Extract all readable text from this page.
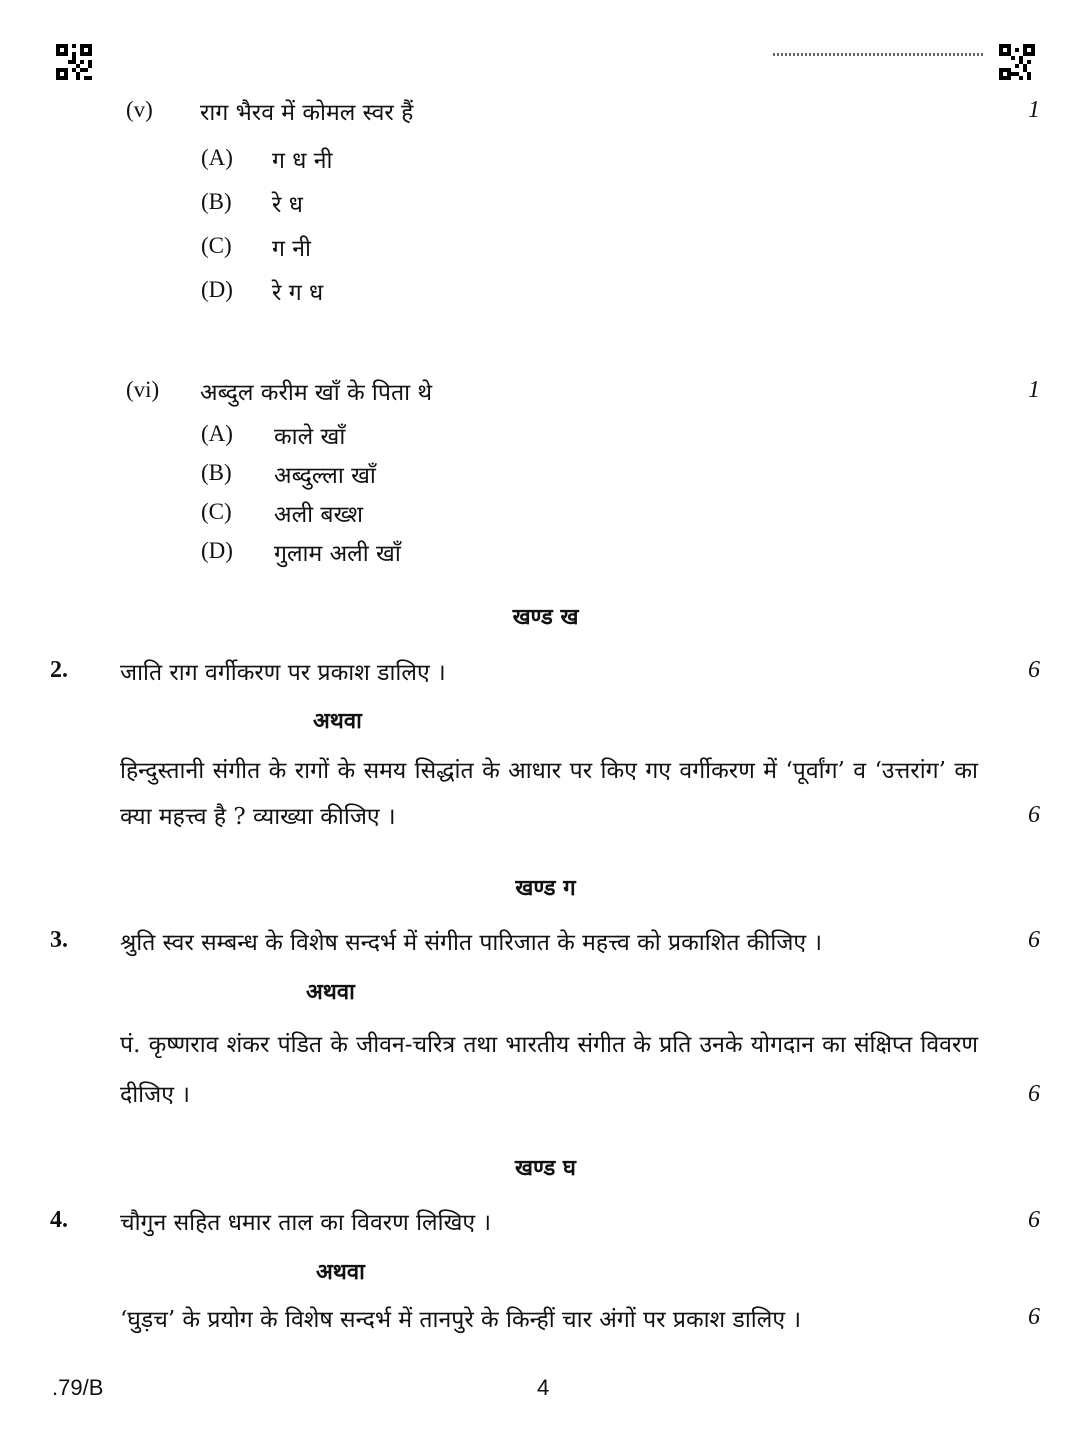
(v) राग भैरव में कोमल स्वर हैं	1
(A) ग ध नी
(B) रे ध
(C) ग नी
(D) रे ग ध
(vi) अब्दुल करीम खाँ के पिता थे	1
(A) काले खाँ
(B) अब्दुल्ला खाँ
(C) अली बख्श
(D) गुलाम अली खाँ
खण्ड ख
2. जाति राग वर्गीकरण पर प्रकाश डालिए ।	6
अथवा
हिन्दुस्तानी संगीत के रागों के समय सिद्धांत के आधार पर किए गए वर्गीकरण में ‘पूर्वांग’ व ‘उत्तरांग’ का क्या महत्त्व है ? व्याख्या कीजिए ।	6
खण्ड ग
3. श्रुति स्वर सम्बन्ध के विशेष सन्दर्भ में संगीत पारिजात के महत्त्व को प्रकाशित कीजिए ।	6
अथवा
पं. कृष्णराव शंकर पंडित के जीवन-चरित्र तथा भारतीय संगीत के प्रति उनके योगदान का संक्षिप्त विवरण दीजिए ।	6
खण्ड घ
4. चौगुन सहित धमार ताल का विवरण लिखिए ।	6
अथवा
‘घुड़च’ के प्रयोग के विशेष सन्दर्भ में तानपुरे के किन्हीं चार अंगों पर प्रकाश डालिए ।	6
.79/B	4
